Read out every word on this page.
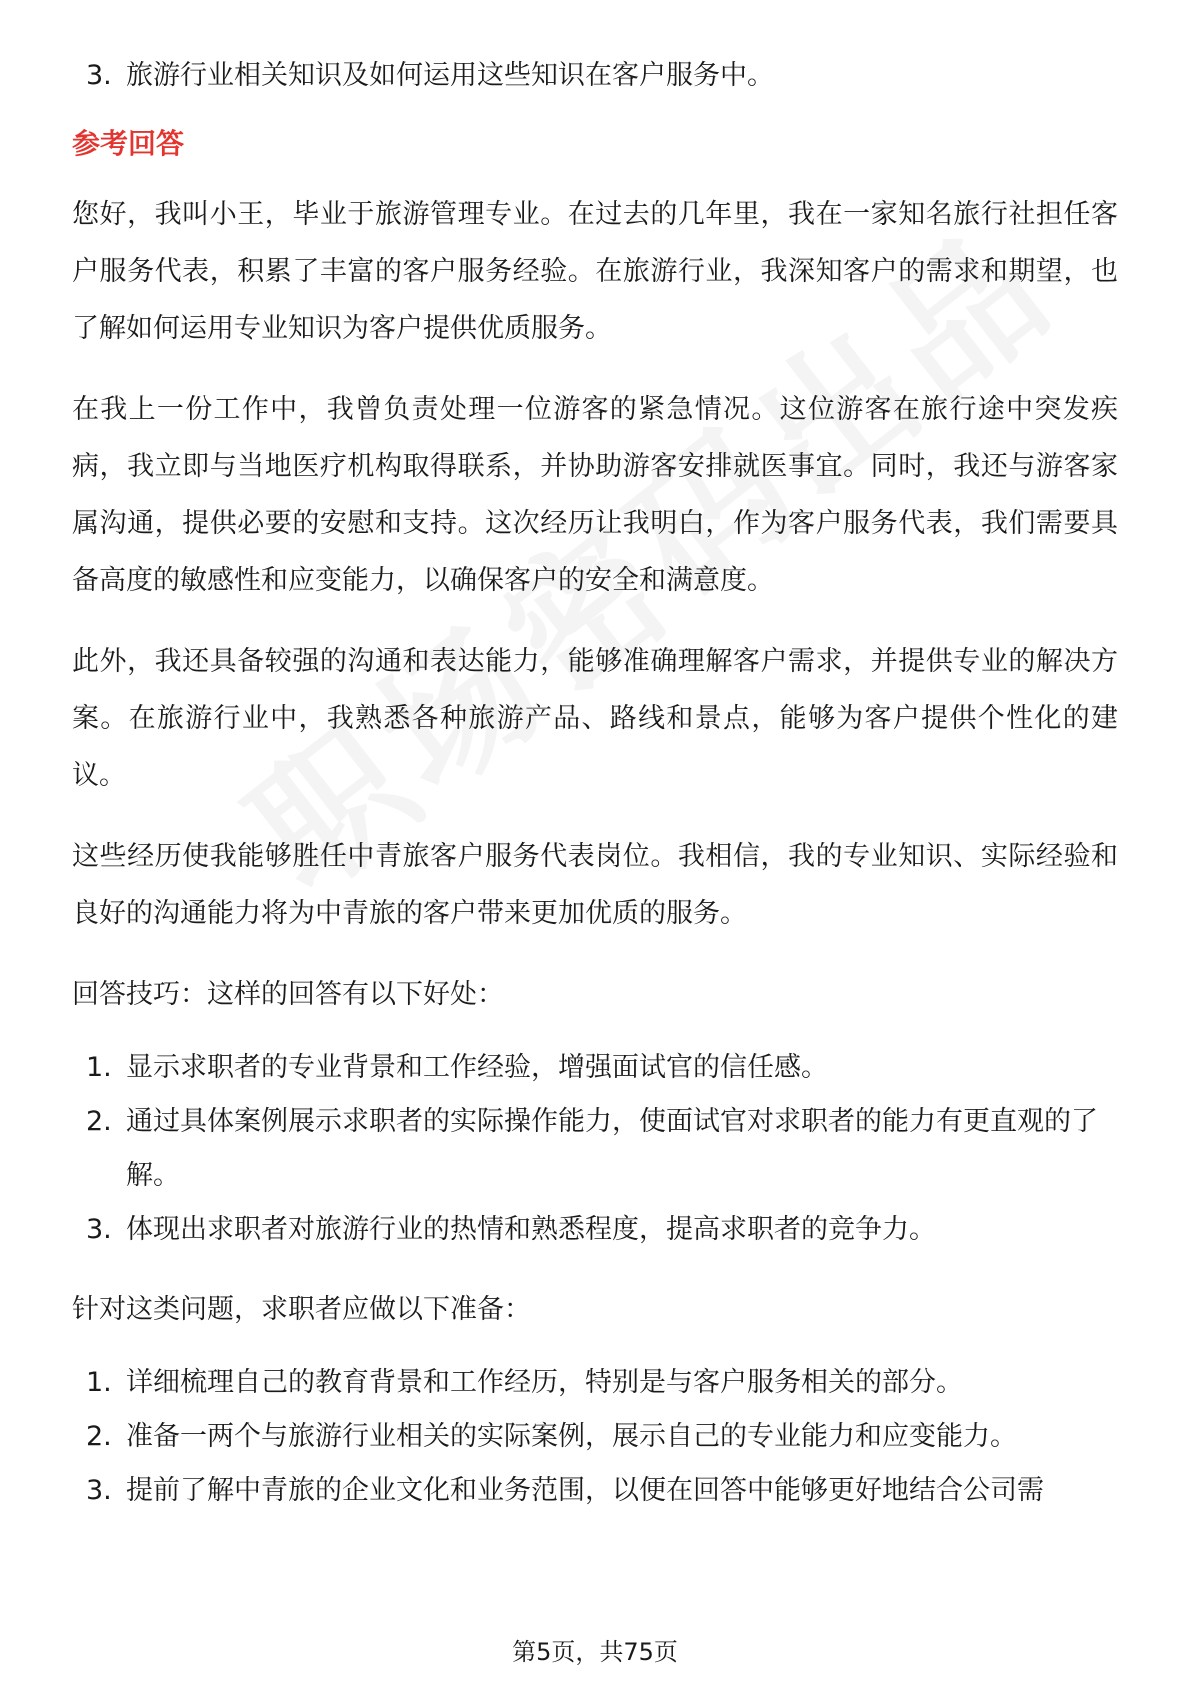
3. 旅游行业相关知识及如何运用这些知识在客户服务中。

参考回答

您好，我叫小王，毕业于旅游管理专业。在过去的几年里，我在一家知名旅行社担任客户服务代表，积累了丰富的客户服务经验。在旅游行业，我深知客户的需求和期望，也了解如何运用专业知识为客户提供优质服务。

在我上一份工作中，我曾负责处理一位游客的紧急情况。这位游客在旅行途中突发疾病，我立即与当地医疗机构取得联系，并协助游客安排就医事宜。同时，我还与游客家属沟通，提供必要的安慰和支持。这次经历让我明白，作为客户服务代表，我们需要具备高度的敏感性和应变能力，以确保客户的安全和满意度。

此外，我还具备较强的沟通和表达能力，能够准确理解客户需求，并提供专业的解决方案。在旅游行业中，我熟悉各种旅游产品、路线和景点，能够为客户提供个性化的建议。

这些经历使我能够胜任中青旅客户服务代表岗位。我相信，我的专业知识、实际经验和良好的沟通能力将为中青旅的客户带来更加优质的服务。

回答技巧：这样的回答有以下好处：

1. 显示求职者的专业背景和工作经验，增强面试官的信任感。
2. 通过具体案例展示求职者的实际操作能力，使面试官对求职者的能力有更直观的了解。
3. 体现出求职者对旅游行业的热情和熟悉程度，提高求职者的竞争力。

针对这类问题，求职者应做以下准备：

1. 详细梳理自己的教育背景和工作经历，特别是与客户服务相关的部分。
2. 准备一两个与旅游行业相关的实际案例，展示自己的专业能力和应变能力。
3. 提前了解中青旅的企业文化和业务范围，以便在回答中能够更好地结合公司需
第5页，共75页
